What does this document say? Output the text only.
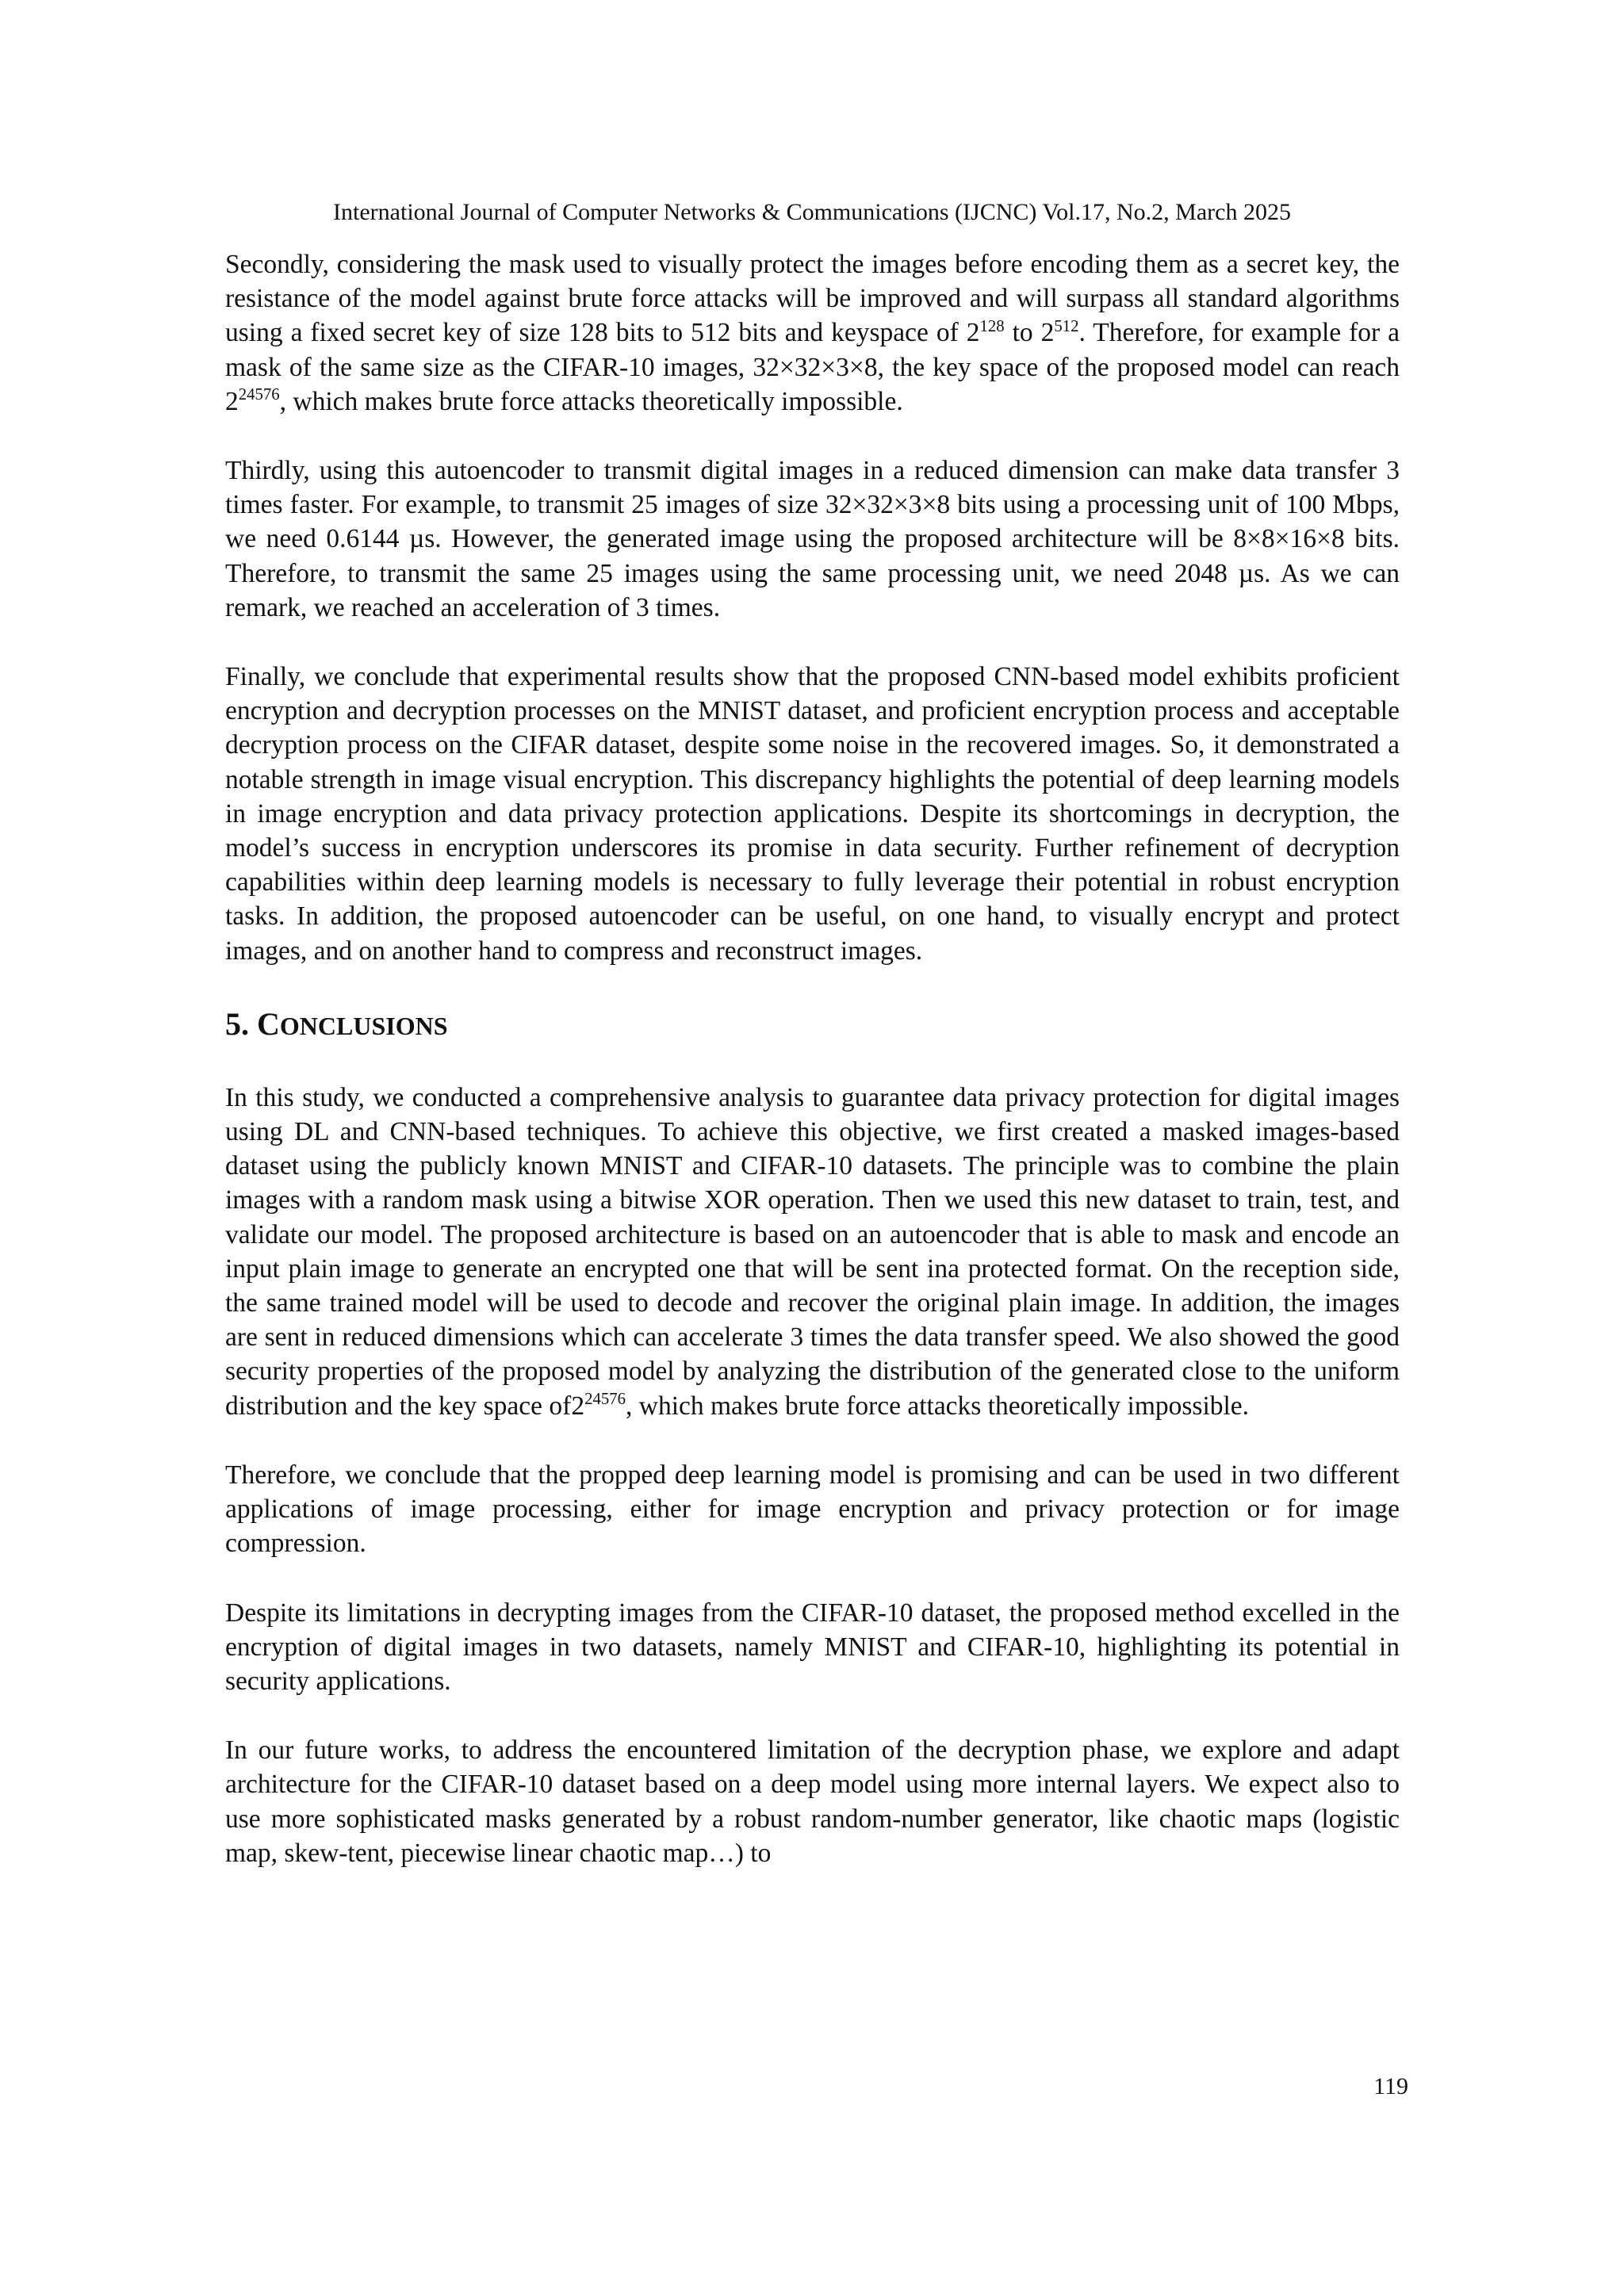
International Journal of Computer Networks & Communications (IJCNC) Vol.17, No.2, March 2025

Secondly, considering the mask used to visually protect the images before encoding them as a secret key, the resistance of the model against brute force attacks will be improved and will surpass all standard algorithms using a fixed secret key of size 128 bits to 512 bits and keyspace of $2^{128}$ to $2^{512}$. Therefore, for example for a mask of the same size as the CIFAR-10 images, 32×32×3×8, the key space of the proposed model can reach $2^{24576}$, which makes brute force attacks theoretically impossible.

Thirdly, using this autoencoder to transmit digital images in a reduced dimension can make data transfer 3 times faster. For example, to transmit 25 images of size 32×32×3×8 bits using a processing unit of 100 Mbps, we need 0.6144 µs. However, the generated image using the proposed architecture will be 8×8×16×8 bits. Therefore, to transmit the same 25 images using the same processing unit, we need 2048 µs. As we can remark, we reached an acceleration of 3 times.

Finally, we conclude that experimental results show that the proposed CNN-based model exhibits proficient encryption and decryption processes on the MNIST dataset, and proficient encryption process and acceptable decryption process on the CIFAR dataset, despite some noise in the recovered images. So, it demonstrated a notable strength in image visual encryption. This discrepancy highlights the potential of deep learning models in image encryption and data privacy protection applications. Despite its shortcomings in decryption, the model’s success in encryption underscores its promise in data security. Further refinement of decryption capabilities within deep learning models is necessary to fully leverage their potential in robust encryption tasks. In addition, the proposed autoencoder can be useful, on one hand, to visually encrypt and protect images, and on another hand to compress and reconstruct images.

5. CONCLUSIONS

In this study, we conducted a comprehensive analysis to guarantee data privacy protection for digital images using DL and CNN-based techniques. To achieve this objective, we first created a masked images-based dataset using the publicly known MNIST and CIFAR-10 datasets. The principle was to combine the plain images with a random mask using a bitwise XOR operation. Then we used this new dataset to train, test, and validate our model. The proposed architecture is based on an autoencoder that is able to mask and encode an input plain image to generate an encrypted one that will be sent ina protected format. On the reception side, the same trained model will be used to decode and recover the original plain image. In addition, the images are sent in reduced dimensions which can accelerate 3 times the data transfer speed. We also showed the good security properties of the proposed model by analyzing the distribution of the generated close to the uniform distribution and the key space $of2^{24576}$, which makes brute force attacks theoretically impossible.

Therefore, we conclude that the propped deep learning model is promising and can be used in two different applications of image processing, either for image encryption and privacy protection or for image compression.

Despite its limitations in decrypting images from the CIFAR-10 dataset, the proposed method excelled in the encryption of digital images in two datasets, namely MNIST and CIFAR-10, highlighting its potential in security applications.

In our future works, to address the encountered limitation of the decryption phase, we explore and adapt architecture for the CIFAR-10 dataset based on a deep model using more internal layers. We expect also to use more sophisticated masks generated by a robust random-number generator, like chaotic maps (logistic map, skew-tent, piecewise linear chaotic map…) to

119
